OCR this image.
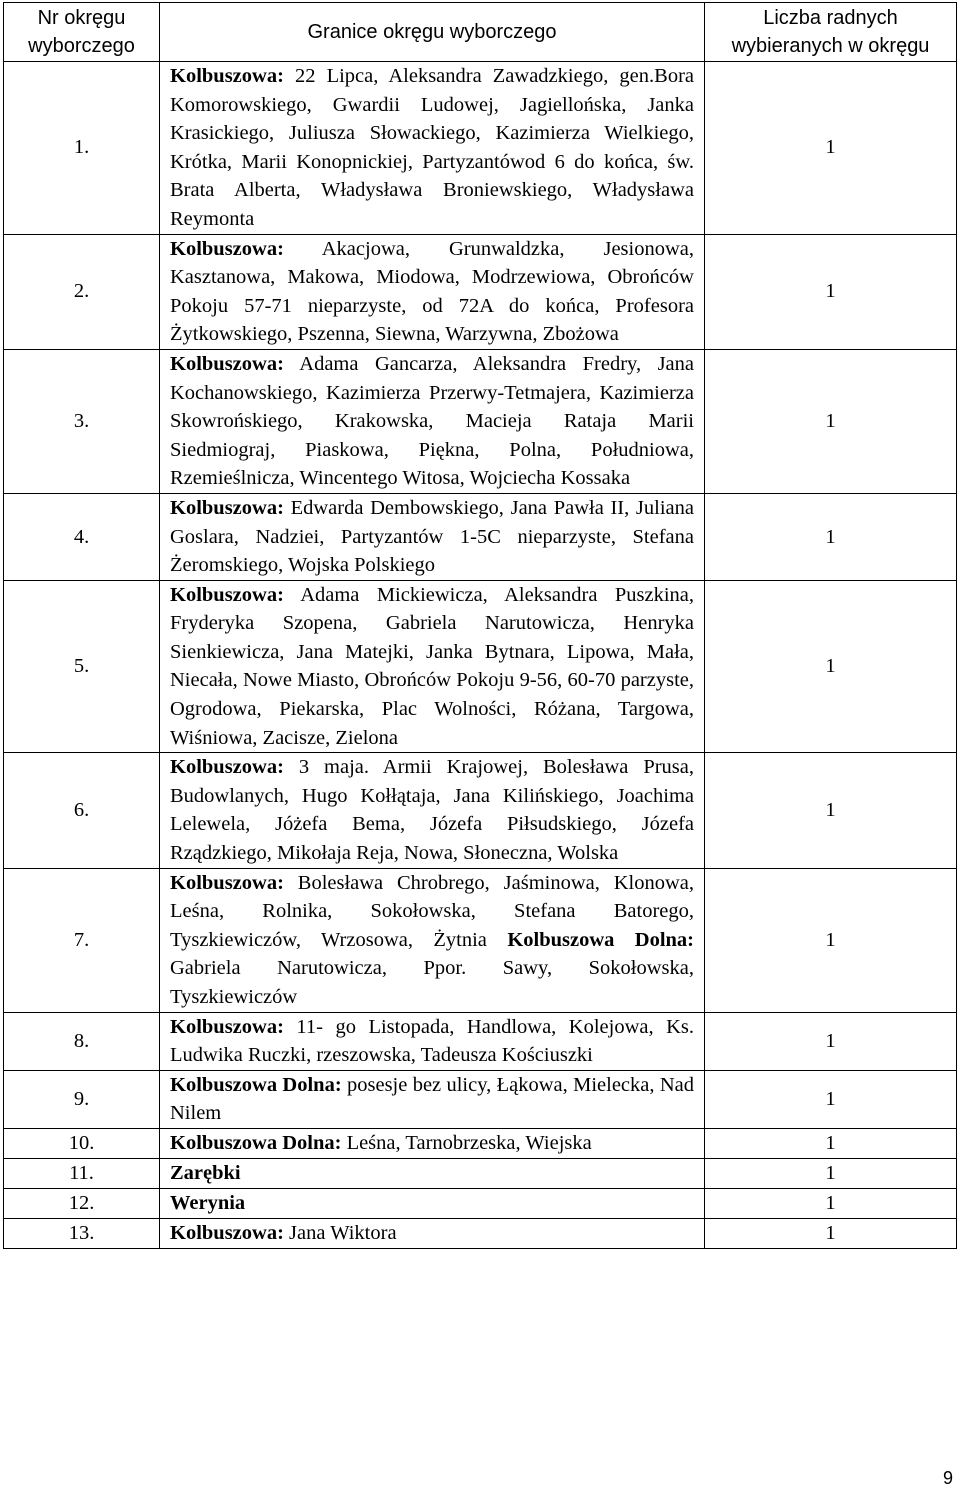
Nr okręgu wyborczego	Granice okręgu wyborczego	Liczba radnych wybieranych w okręgu
1.	Kolbuszowa: 22 Lipca, Aleksandra Zawadzkiego, gen.Bora Komorowskiego, Gwardii Ludowej, Jagiellońska, Janka Krasickiego, Juliusza Słowackiego, Kazimierza Wielkiego, Krótka, Marii Konopnickiej, Partyzantówod 6 do końca, św. Brata Alberta, Władysława Broniewskiego, Władysława Reymonta	1
2.	Kolbuszowa: Akacjowa, Grunwaldzka, Jesionowa, Kasztanowa, Makowa, Miodowa, Modrzewiowa, Obrońców Pokoju 57-71 nieparzyste, od 72A do końca, Profesora Żytkowskiego, Pszenna, Siewna, Warzywna, Zbożowa	1
3.	Kolbuszowa: Adama Gancarza, Aleksandra Fredry, Jana Kochanowskiego, Kazimierza Przerwy-Tetmajera, Kazimierza Skowrońskiego, Krakowska, Macieja Rataja Marii Siedmiograj, Piaskowa, Piękna, Polna, Południowa, Rzemieślnicza, Wincentego Witosa, Wojciecha Kossaka	1
4.	Kolbuszowa: Edwarda Dembowskiego, Jana Pawła II, Juliana Goslara, Nadziei, Partyzantów 1-5C nieparzyste, Stefana Żeromskiego, Wojska Polskiego	1
5.	Kolbuszowa: Adama Mickiewicza, Aleksandra Puszkina, Fryderyka Szopena, Gabriela Narutowicza, Henryka Sienkiewicza, Jana Matejki, Janka Bytnara, Lipowa, Mała, Niecała, Nowe Miasto, Obrońców Pokoju 9-56, 60-70 parzyste, Ogrodowa, Piekarska, Plac Wolności, Różana, Targowa, Wiśniowa, Zacisze, Zielona	1
6.	Kolbuszowa: 3 maja. Armii Krajowej, Bolesława Prusa, Budowlanych, Hugo Kołłątaja, Jana Kilińskiego, Joachima Lelewela, Jóżefa Bema, Józefa Piłsudskiego, Józefa Rządzkiego, Mikołaja Reja, Nowa, Słoneczna, Wolska	1
7.	Kolbuszowa: Bolesława Chrobrego, Jaśminowa, Klonowa, Leśna, Rolnika, Sokołowska, Stefana Batorego, Tyszkiewiczów, Wrzosowa, Żytnia Kolbuszowa Dolna: Gabriela Narutowicza, Ppor. Sawy, Sokołowska, Tyszkiewiczów	1
8.	Kolbuszowa: 11- go Listopada, Handlowa, Kolejowa, Ks. Ludwika Ruczki, rzeszowska, Tadeusza Kościuszki	1
9.	Kolbuszowa Dolna: posesje bez ulicy, Łąkowa, Mielecka, Nad Nilem	1
10.	Kolbuszowa Dolna: Leśna, Tarnobrzeska, Wiejska	1
11.	Zarębki	1
12.	Werynia	1
13.	Kolbuszowa: Jana Wiktora	1
9
